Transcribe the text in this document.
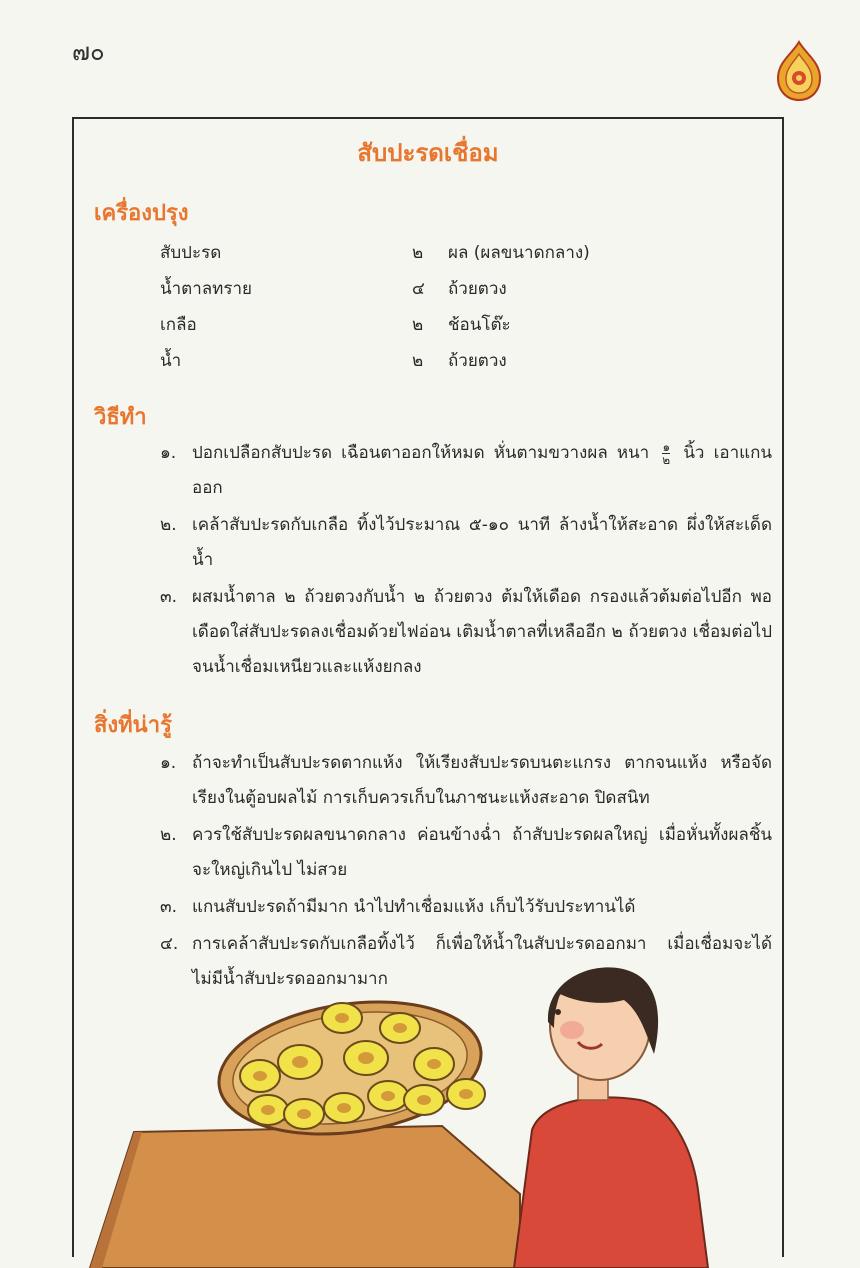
๗๐
สับปะรดเชื่อม
เครื่องปรุง
สับปะรด	๒ ผล (ผลขนาดกลาง)
น้ำตาลทราย	๔ ถ้วยตวง
เกลือ	๒ ช้อนโต๊ะ
น้ำ	๒ ถ้วยตวง
วิธีทำ
๑. ปอกเปลือกสับปะรด เฉือนตาออกให้หมด หั่นตามขวางผล หนา $\frac{๑}{๒}$ นิ้ว เอาแกนออก
๒. เคล้าสับปะรดกับเกลือ ทิ้งไว้ประมาณ ๕-๑๐ นาที ล้างน้ำให้สะอาด ผึ่งให้สะเด็ดน้ำ
๓. ผสมน้ำตาล ๒ ถ้วยตวงกับน้ำ ๒ ถ้วยตวง ต้มให้เดือด กรองแล้วต้มต่อไปอีก พอเดือดใส่สับปะรดลงเชื่อมด้วยไฟอ่อน เติมน้ำตาลที่เหลืออีก ๒ ถ้วยตวง เชื่อมต่อไปจนน้ำเชื่อมเหนียวและแห้งยกลง
สิ่งที่น่ารู้
๑. ถ้าจะทำเป็นสับปะรดตากแห้ง ให้เรียงสับปะรดบนตะแกรง ตากจนแห้ง หรือจัดเรียงในตู้อบผลไม้ การเก็บควรเก็บในภาชนะแห้งสะอาด ปิดสนิท
๒. ควรใช้สับปะรดผลขนาดกลาง ค่อนข้างฉ่ำ ถ้าสับปะรดผลใหญ่ เมื่อหั่นทั้งผลชิ้นจะใหญ่เกินไป ไม่สวย
๓. แกนสับปะรดถ้ามีมาก นำไปทำเชื่อมแห้ง เก็บไว้รับประทานได้
๔. การเคล้าสับปะรดกับเกลือทิ้งไว้ ก็เพื่อให้น้ำในสับปะรดออกมา เมื่อเชื่อมจะได้ไม่มีน้ำสับปะรดออกมามาก
